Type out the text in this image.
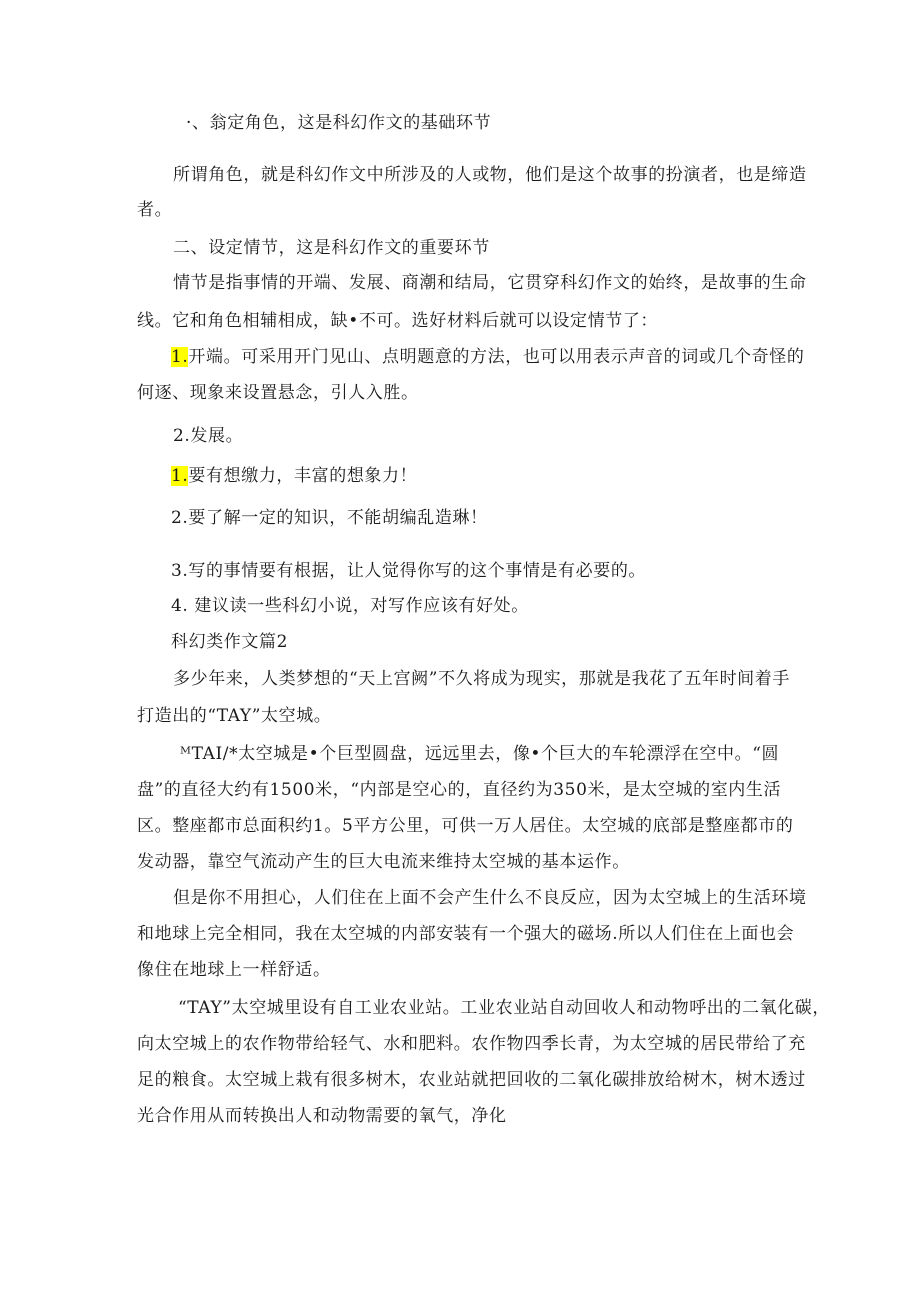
·、翁定角色，这是科幻作文的基础环节
所谓角色，就是科幻作文中所涉及的人或物，他们是这个故事的扮演者，也是缔造
者。
二、设定情节，这是科幻作文的重要环节
情节是指事情的开端、发展、商潮和结局，它贯穿科幻作文的始终，是故事的生命
线。它和角色相辅相成，缺•不可。选好材料后就可以设定情节了：
1.开端。可采用开门见山、点明题意的方法，也可以用表示声音的词或几个奇怪的
何逐、现象来设置悬念，引人入胜。
2.发展。
1.要有想缴力，丰富的想象力！
2.要了解一定的知识，不能胡编乱造琳！
3.写的事情要有根据，让人觉得你写的这个事情是有必要的。
4. 建议读一些科幻小说，对写作应该有好处。
科幻类作文篇2
多少年来，人类梦想的“天上宫阙”不久将成为现实，那就是我花了五年时间着手
打造出的“TAY”太空城。
ᴹTAI/*太空城是•个巨型圆盘，远远里去，像•个巨大的车轮漂浮在空中。“圆
盘”的直径大约有1500米，“内部是空心的，直径约为350米，是太空城的室内生活
区。整座都市总面积约1。5平方公里，可供一万人居住。太空城的底部是整座都市的
发动器，靠空气流动产生的巨大电流来维持太空城的基本运作。
但是你不用担心，人们住在上面不会产生什么不良反应，因为太空城上的生活环境
和地球上完全相同，我在太空城的内部安装有一个强大的磁场.所以人们住在上面也会
像住在地球上一样舒适。
“TAY”太空城里设有自工业农业站。工业农业站自动回收人和动物呼出的二氧化碳，
向太空城上的农作物带给轻气、水和肥料。农作物四季长青，为太空城的居民带给了充
足的粮食。太空城上栽有很多树木，农业站就把回收的二氧化碳排放给树木，树木透过
光合作用从而转换出人和动物需要的氧气，净化
